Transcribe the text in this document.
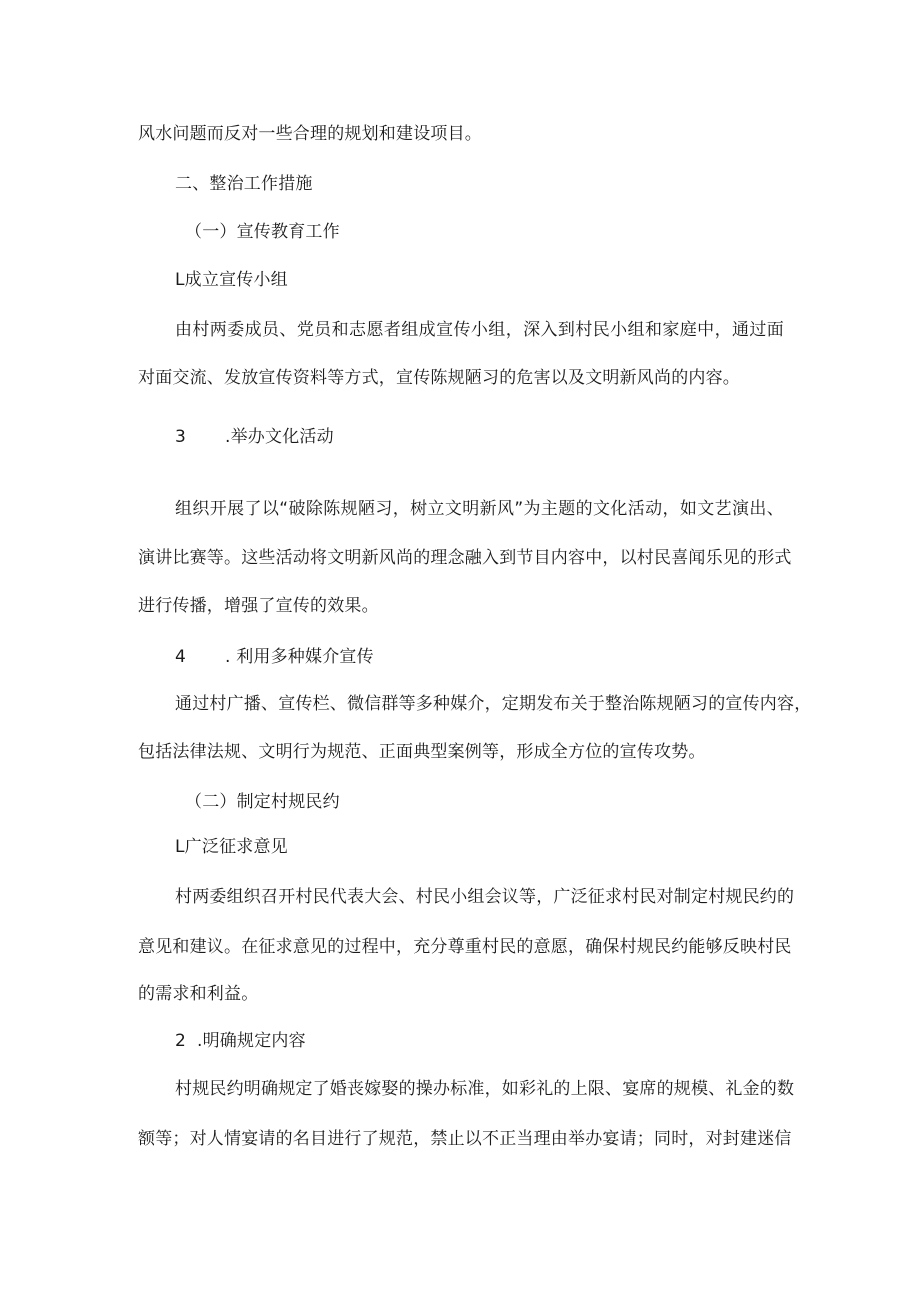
风水问题而反对一些合理的规划和建设项目。
二、整治工作措施
（一）宣传教育工作
L成立宣传小组
由村两委成员、党员和志愿者组成宣传小组，深入到村民小组和家庭中，通过面
对面交流、发放宣传资料等方式，宣传陈规陋习的危害以及文明新风尚的内容。
3 .举办文化活动
组织开展了以“破除陈规陋习，树立文明新风”为主题的文化活动，如文艺演出、
演讲比赛等。这些活动将文明新风尚的理念融入到节目内容中，以村民喜闻乐见的形式
进行传播，增强了宣传的效果。
4 . 利用多种媒介宣传
通过村广播、宣传栏、微信群等多种媒介，定期发布关于整治陈规陋习的宣传内容，
包括法律法规、文明行为规范、正面典型案例等，形成全方位的宣传攻势。
（二）制定村规民约
L广泛征求意见
村两委组织召开村民代表大会、村民小组会议等，广泛征求村民对制定村规民约的
意见和建议。在征求意见的过程中，充分尊重村民的意愿，确保村规民约能够反映村民
的需求和利益。
2 .明确规定内容
村规民约明确规定了婚丧嫁娶的操办标准，如彩礼的上限、宴席的规模、礼金的数
额等；对人情宴请的名目进行了规范，禁止以不正当理由举办宴请；同时，对封建迷信
